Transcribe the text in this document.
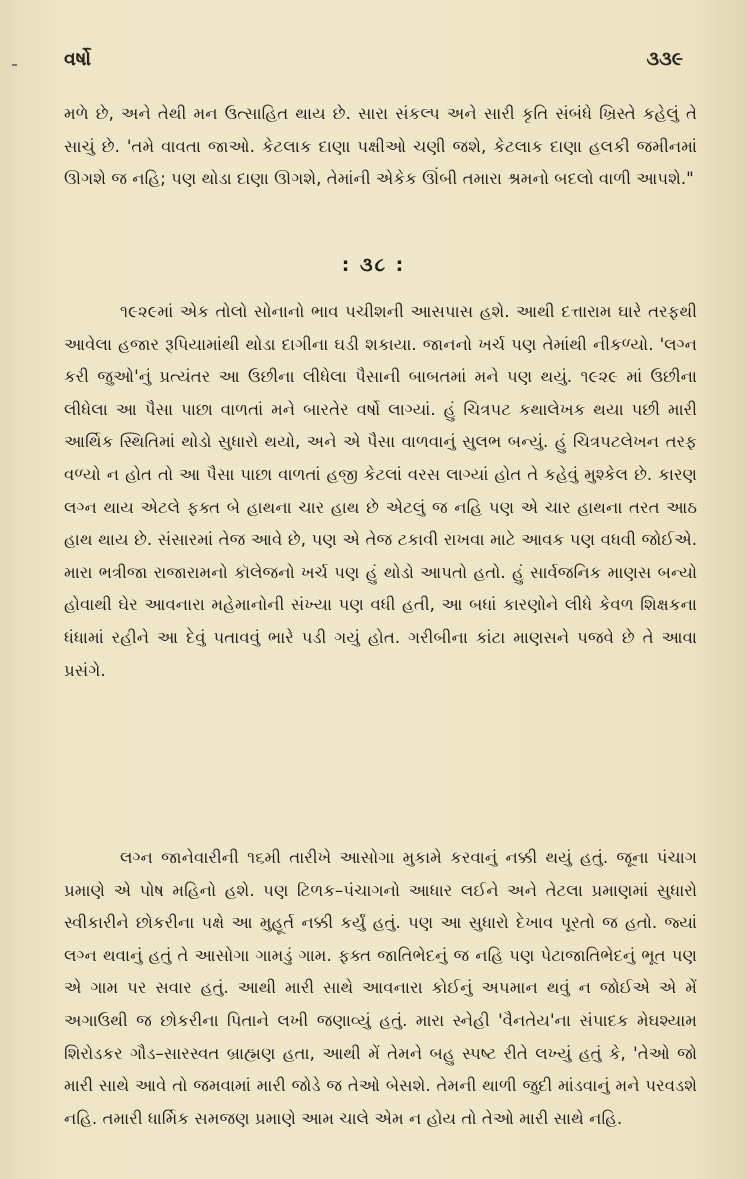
વર્ષો	૩૩૯

મળે છે, અને તેથી મન ઉત્સાહિત થાય છે. સારા સંકલ્પ અને સારી કૃતિ સંબંધે ખ્રિસ્તે કહેલું તે સાચું છે. 'તમે વાવતા જાઓ. કેટલાક દાણા પક્ષીઓ ચણી જશે, કેટલાક દાણા હલકી જમીનમાં ઊગશે જ નહિ; પણ થોડા દાણા ઊગશે, તેમાંની એકેક ઊંબી તમારા શ્રમનો બદલો વાળી આપશે."

: ૩૮ :

૧૯૨૯માં એક તોલો સોનાનો ભાવ પચીશની આસપાસ હશે. આથી દત્તારામ ઘારે તરફથી આવેલા હજાર રૂપિયામાંથી થોડા દાગીના ઘડી શકાયા. જાનનો ખર્ચ પણ તેમાંથી નીકળ્યો. 'લગ્ન કરી જુઓ'નું પ્રત્યંતર આ ઉછીના લીધેલા પૈસાની બાબતમાં મને પણ થયું. ૧૯૨૯ માં ઉછીના લીધેલા આ પૈસા પાછા વાળતાં મને બારતેર વર્ષો લાગ્યાં. હું ચિત્રપટ કથાલેખક થયા પછી મારી આર્થિક સ્થિતિમાં થોડો સુધારો થયો, અને એ પૈસા વાળવાનું સુલભ બન્યું. હું ચિત્રપટલેખન તરફ વળ્યો ન હોત તો આ પૈસા પાછા વાળતાં હજી કેટલાં વરસ લાગ્યાં હોત તે કહેવું મુશ્કેલ છે. કારણ લગ્ન થાય એટલે ફક્ત બે હાથના ચાર હાથ છે એટલું જ નહિ પણ એ ચાર હાથના તરત આઠ હાથ થાય છે. સંસારમાં તેજ આવે છે, પણ એ તેજ ટકાવી રાખવા માટે આવક પણ વધવી જોઈએ. મારા ભત્રીજા રાજારામનો કૉલેજનો ખર્ચ પણ હું થોડો આપતો હતો. હું સાર્વજનિક માણસ બન્યો હોવાથી ઘેર આવનારા મહેમાનોની સંખ્યા પણ વધી હતી, આ બધાં કારણોને લીધે કેવળ શિક્ષકના ધંધામાં રહીને આ દેવું પતાવવું ભારે પડી ગયું હોત. ગરીબીના કાંટા માણસને પજવે છે તે આવા પ્રસંગે.

લગ્ન જાનેવારીની ૧૬મી તારીખે આસોગા મુકામે કરવાનું નક્કી થયું હતું. જૂના પંચાગ પ્રમાણે એ પોષ મહિનો હશે. પણ ટિળક–પંચાગનો આધાર લઈને અને તેટલા પ્રમાણમાં સુધારો સ્વીકારીને છોકરીના પક્ષે આ મુહૂર્ત નક્કી કર્યું હતું. પણ આ સુધારો દેખાવ પૂરતો જ હતો. જ્યાં લગ્ન થવાનું હતું તે આસોગા ગામડું ગામ. ફક્ત જાતિભેદનું જ નહિ પણ પેટાજાતિભેદનું ભૂત પણ એ ગામ પર સવાર હતું. આથી મારી સાથે આવનારા કોઈનું અપમાન થવું ન જોઈએ એ મેં અગાઉથી જ છોકરીના પિતાને લખી જણાવ્યું હતું. મારા સ્નેહી 'વૈનતેય'ના સંપાદક મેઘશ્યામ શિરોડકર ગૌડ–સારસ્વત બ્રાહ્મણ હતા, આથી મેં તેમને બહુ સ્પષ્ટ રીતે લખ્યું હતું કે, 'તેઓ જો મારી સાથે આવે તો જમવામાં મારી જોડે જ તેઓ બેસશે. તેમની થાળી જુદી માંડવાનું મને પરવડશે નહિ. તમારી ધાર્મિક સમજણ પ્રમાણે આમ ચાલે એમ ન હોય તો તેઓ મારી સાથે નહિ.
